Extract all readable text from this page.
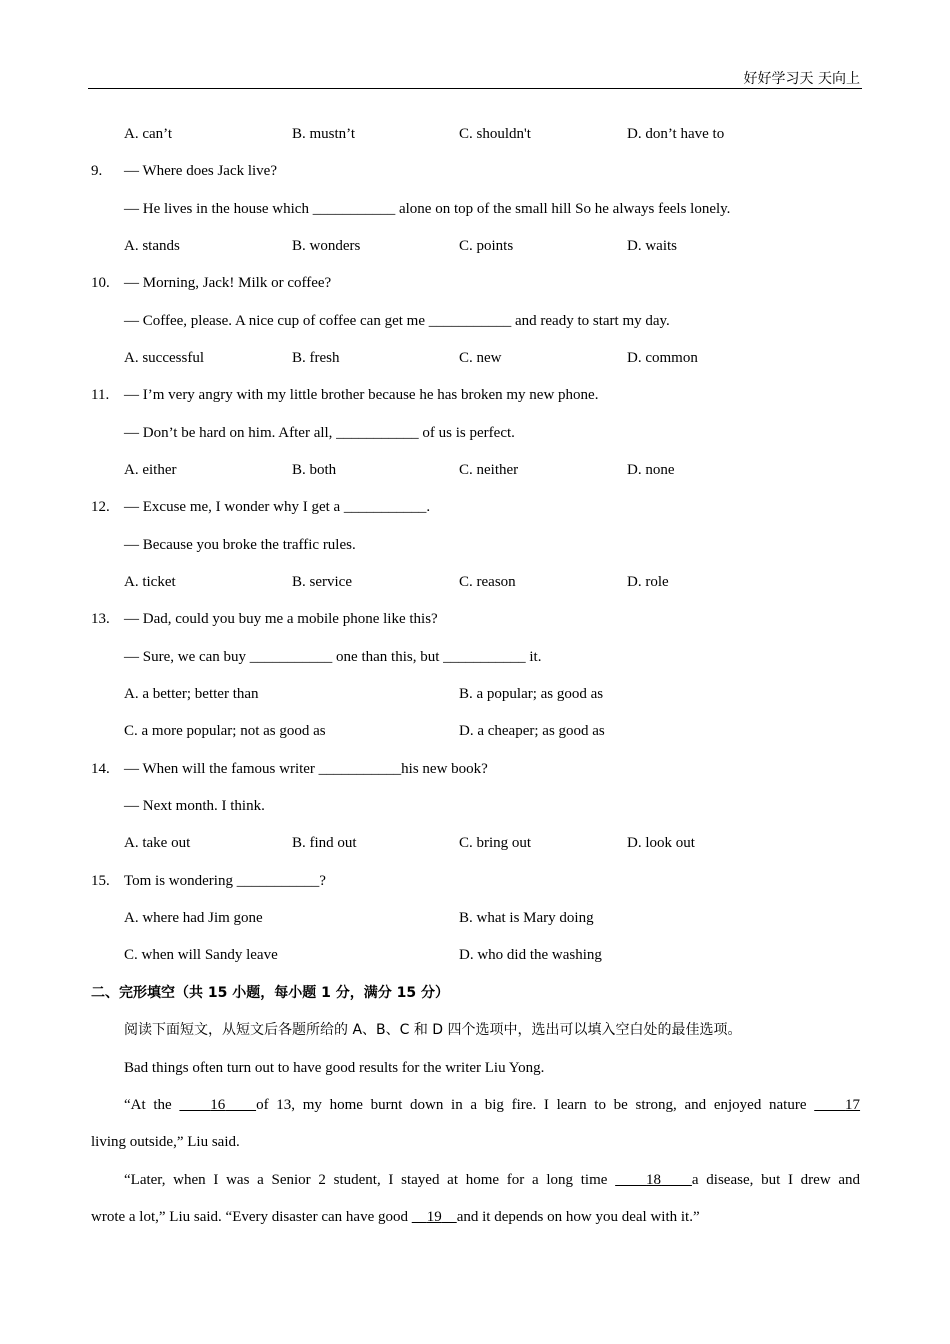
好好学习天 天向上
A. can’t	B. mustn’t	C. shouldn't	D. don’t have to
9. — Where does Jack live?
— He lives in the house which ___________ alone on top of the small hill So he always feels lonely.
A. stands	B. wonders	C. points	D. waits
10. — Morning, Jack! Milk or coffee?
— Coffee, please. A nice cup of coffee can get me ___________ and ready to start my day.
A. successful	B. fresh	C. new	D. common
11. — I’m very angry with my little brother because he has broken my new phone.
— Don’t be hard on him. After all, ___________ of us is perfect.
A. either	B. both	C. neither	D. none
12. — Excuse me, I wonder why I get a ___________.
— Because you broke the traffic rules.
A. ticket	B. service	C. reason	D. role
13. — Dad, could you buy me a mobile phone like this?
— Sure, we can buy ___________ one than this, but ___________ it.
A. a better; better than	B. a popular; as good as
C. a more popular; not as good as	D. a cheaper; as good as
14. — When will the famous writer ___________his new book?
— Next month. I think.
A. take out	B. find out	C. bring out	D. look out
15. Tom is wondering ___________?
A. where had Jim gone	B. what is Mary doing
C. when will Sandy leave	D. who did the washing
二、完形填空（共 15 小题，每小题 1 分，满分 15 分）
阅读下面短文，从短文后各题所给的 A、B、C 和 D 四个选项中，选出可以填入空白处的最佳选项。
Bad things often turn out to have good results for the writer Liu Yong.
“At the	16 of 13, my home burnt down in a big fire. I learn to be strong, and enjoyed nature	17
living outside,” Liu said.
“Later, when I was a Senior 2 student, I stayed at home for a long time	18 a disease, but I drew and
wrote a lot,” Liu said. “Every disaster can have good 19 and it depends on how you deal with it.”
